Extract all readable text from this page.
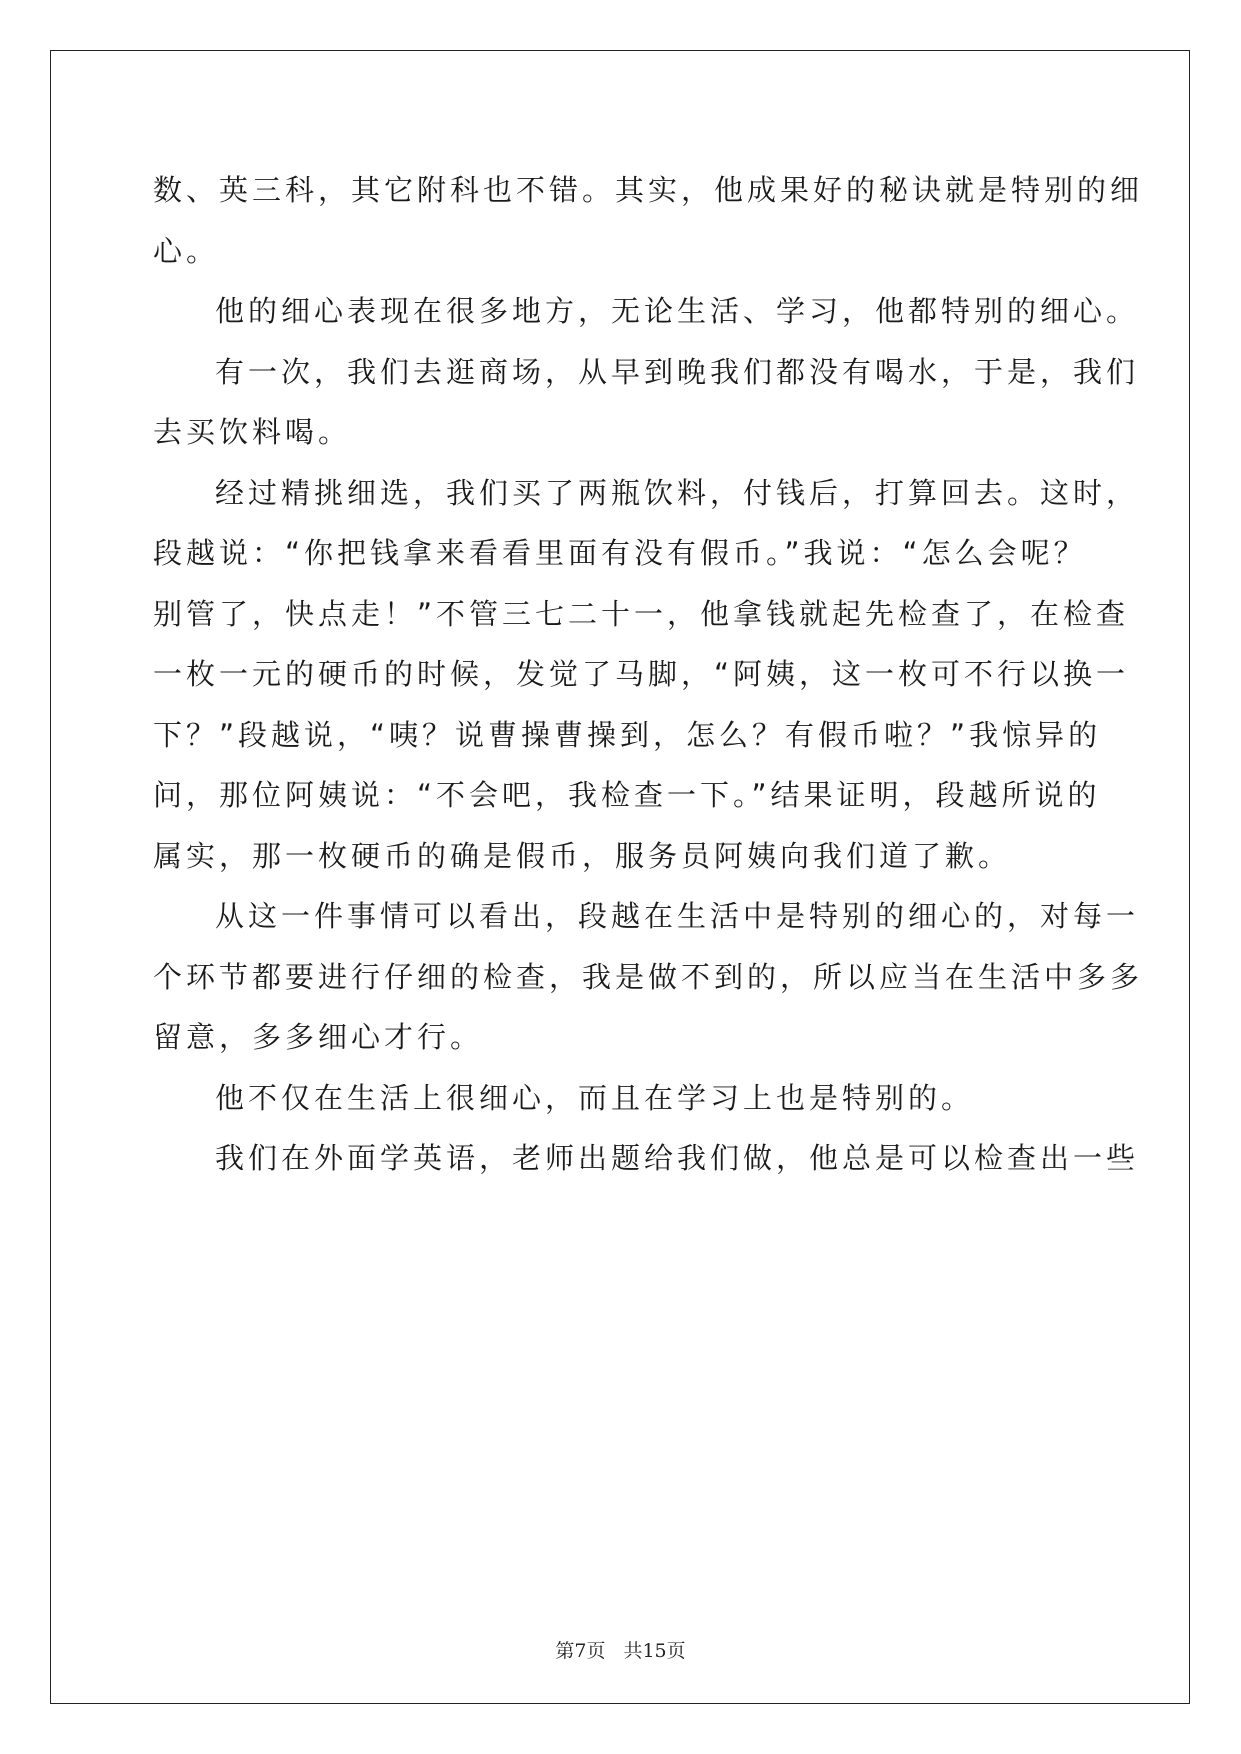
数、英三科，其它附科也不错。其实，他成果好的秘诀就是特别的细
心。
他的细心表现在很多地方，无论生活、学习，他都特别的细心。
有一次，我们去逛商场，从早到晚我们都没有喝水，于是，我们
去买饮料喝。
经过精挑细选，我们买了两瓶饮料，付钱后，打算回去。这时，
段越说：“你把钱拿来看看里面有没有假币。”我说：“怎么会呢？
别管了，快点走！”不管三七二十一，他拿钱就起先检查了，在检查
一枚一元的硬币的时候，发觉了马脚，“阿姨，这一枚可不行以换一
下？”段越说，“咦？说曹操曹操到，怎么？有假币啦？”我惊异的
问，那位阿姨说：“不会吧，我检查一下。”结果证明，段越所说的
属实，那一枚硬币的确是假币，服务员阿姨向我们道了歉。
从这一件事情可以看出，段越在生活中是特别的细心的，对每一
个环节都要进行仔细的检查，我是做不到的，所以应当在生活中多多
留意，多多细心才行。
他不仅在生活上很细心，而且在学习上也是特别的。
我们在外面学英语，老师出题给我们做，他总是可以检查出一些
第7页 共15页
